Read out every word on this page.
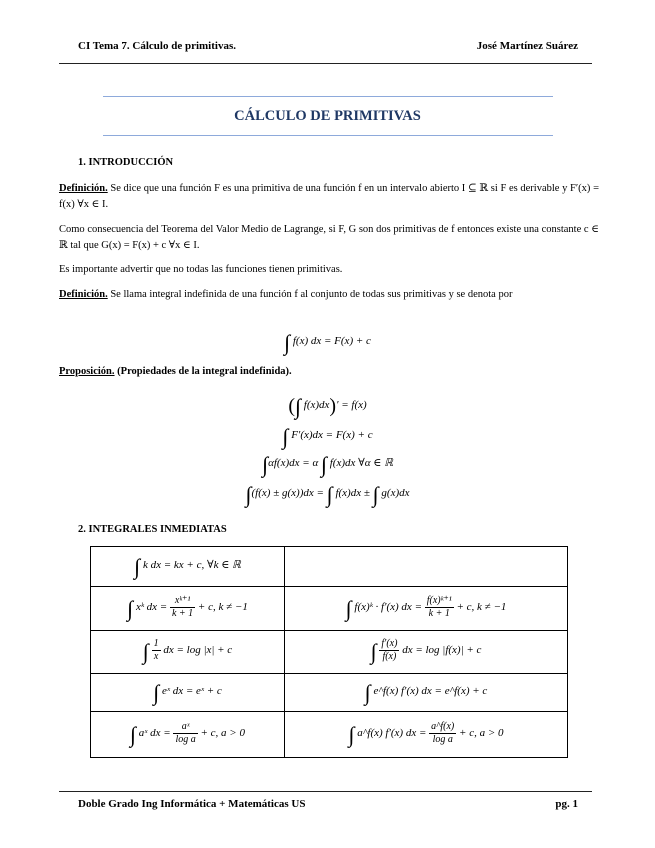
CI Tema 7. Cálculo de primitivas.	José Martínez Suárez
CÁLCULO DE PRIMITIVAS
1. INTRODUCCIÓN
Definición. Se dice que una función F es una primitiva de una función f en un intervalo abierto I ⊆ ℝ si F es derivable y F′(x) = f(x) ∀x ∈ I.
Como consecuencia del Teorema del Valor Medio de Lagrange, si F, G son dos primitivas de f entonces existe una constante c ∈ ℝ tal que G(x) = F(x) + c ∀x ∈ I.
Es importante advertir que no todas las funciones tienen primitivas.
Definición. Se llama integral indefinida de una función f al conjunto de todas sus primitivas y se denota por
∫ f(x) dx = F(x) + c
Proposición. (Propiedades de la integral indefinida).
(∫ f(x)dx)′ = f(x)
∫ F′(x)dx = F(x) + c
∫αf(x)dx = α ∫ f(x)dx ∀α ∈ ℝ
∫(f(x) ± g(x))dx = ∫ f(x)dx ± ∫ g(x)dx
2. INTEGRALES INMEDIATAS
∫ k dx = kx + c, ∀k ∈ ℝ	
∫ xᵏ dx = $\frac{\text{xᵏ⁺¹}}{k + 1} + c$, k ≠ −1	∫ f(x)ᵏ · f′(x) dx = $\frac{\text{f(x)ᵏ⁺¹}}{k + 1} + c$, k ≠ −1
∫ $\frac{1}{x}$ dx = log |x| + c	∫ $\frac{f'(x)}{f(x)}$ dx = log |f(x)| + c
∫ eˣ dx = eˣ + c	∫ e^f(x) f′(x) dx = e^f(x) + c
∫ aˣ dx = $\frac{\text{aˣ}}{\text{log a}} + c$, a > 0	∫ a^f(x) f′(x) dx = $\frac{a\^{}f(x)}{\text{log a}} + c$, a > 0
Doble Grado Ing Informática + Matemáticas US	pg. 1
